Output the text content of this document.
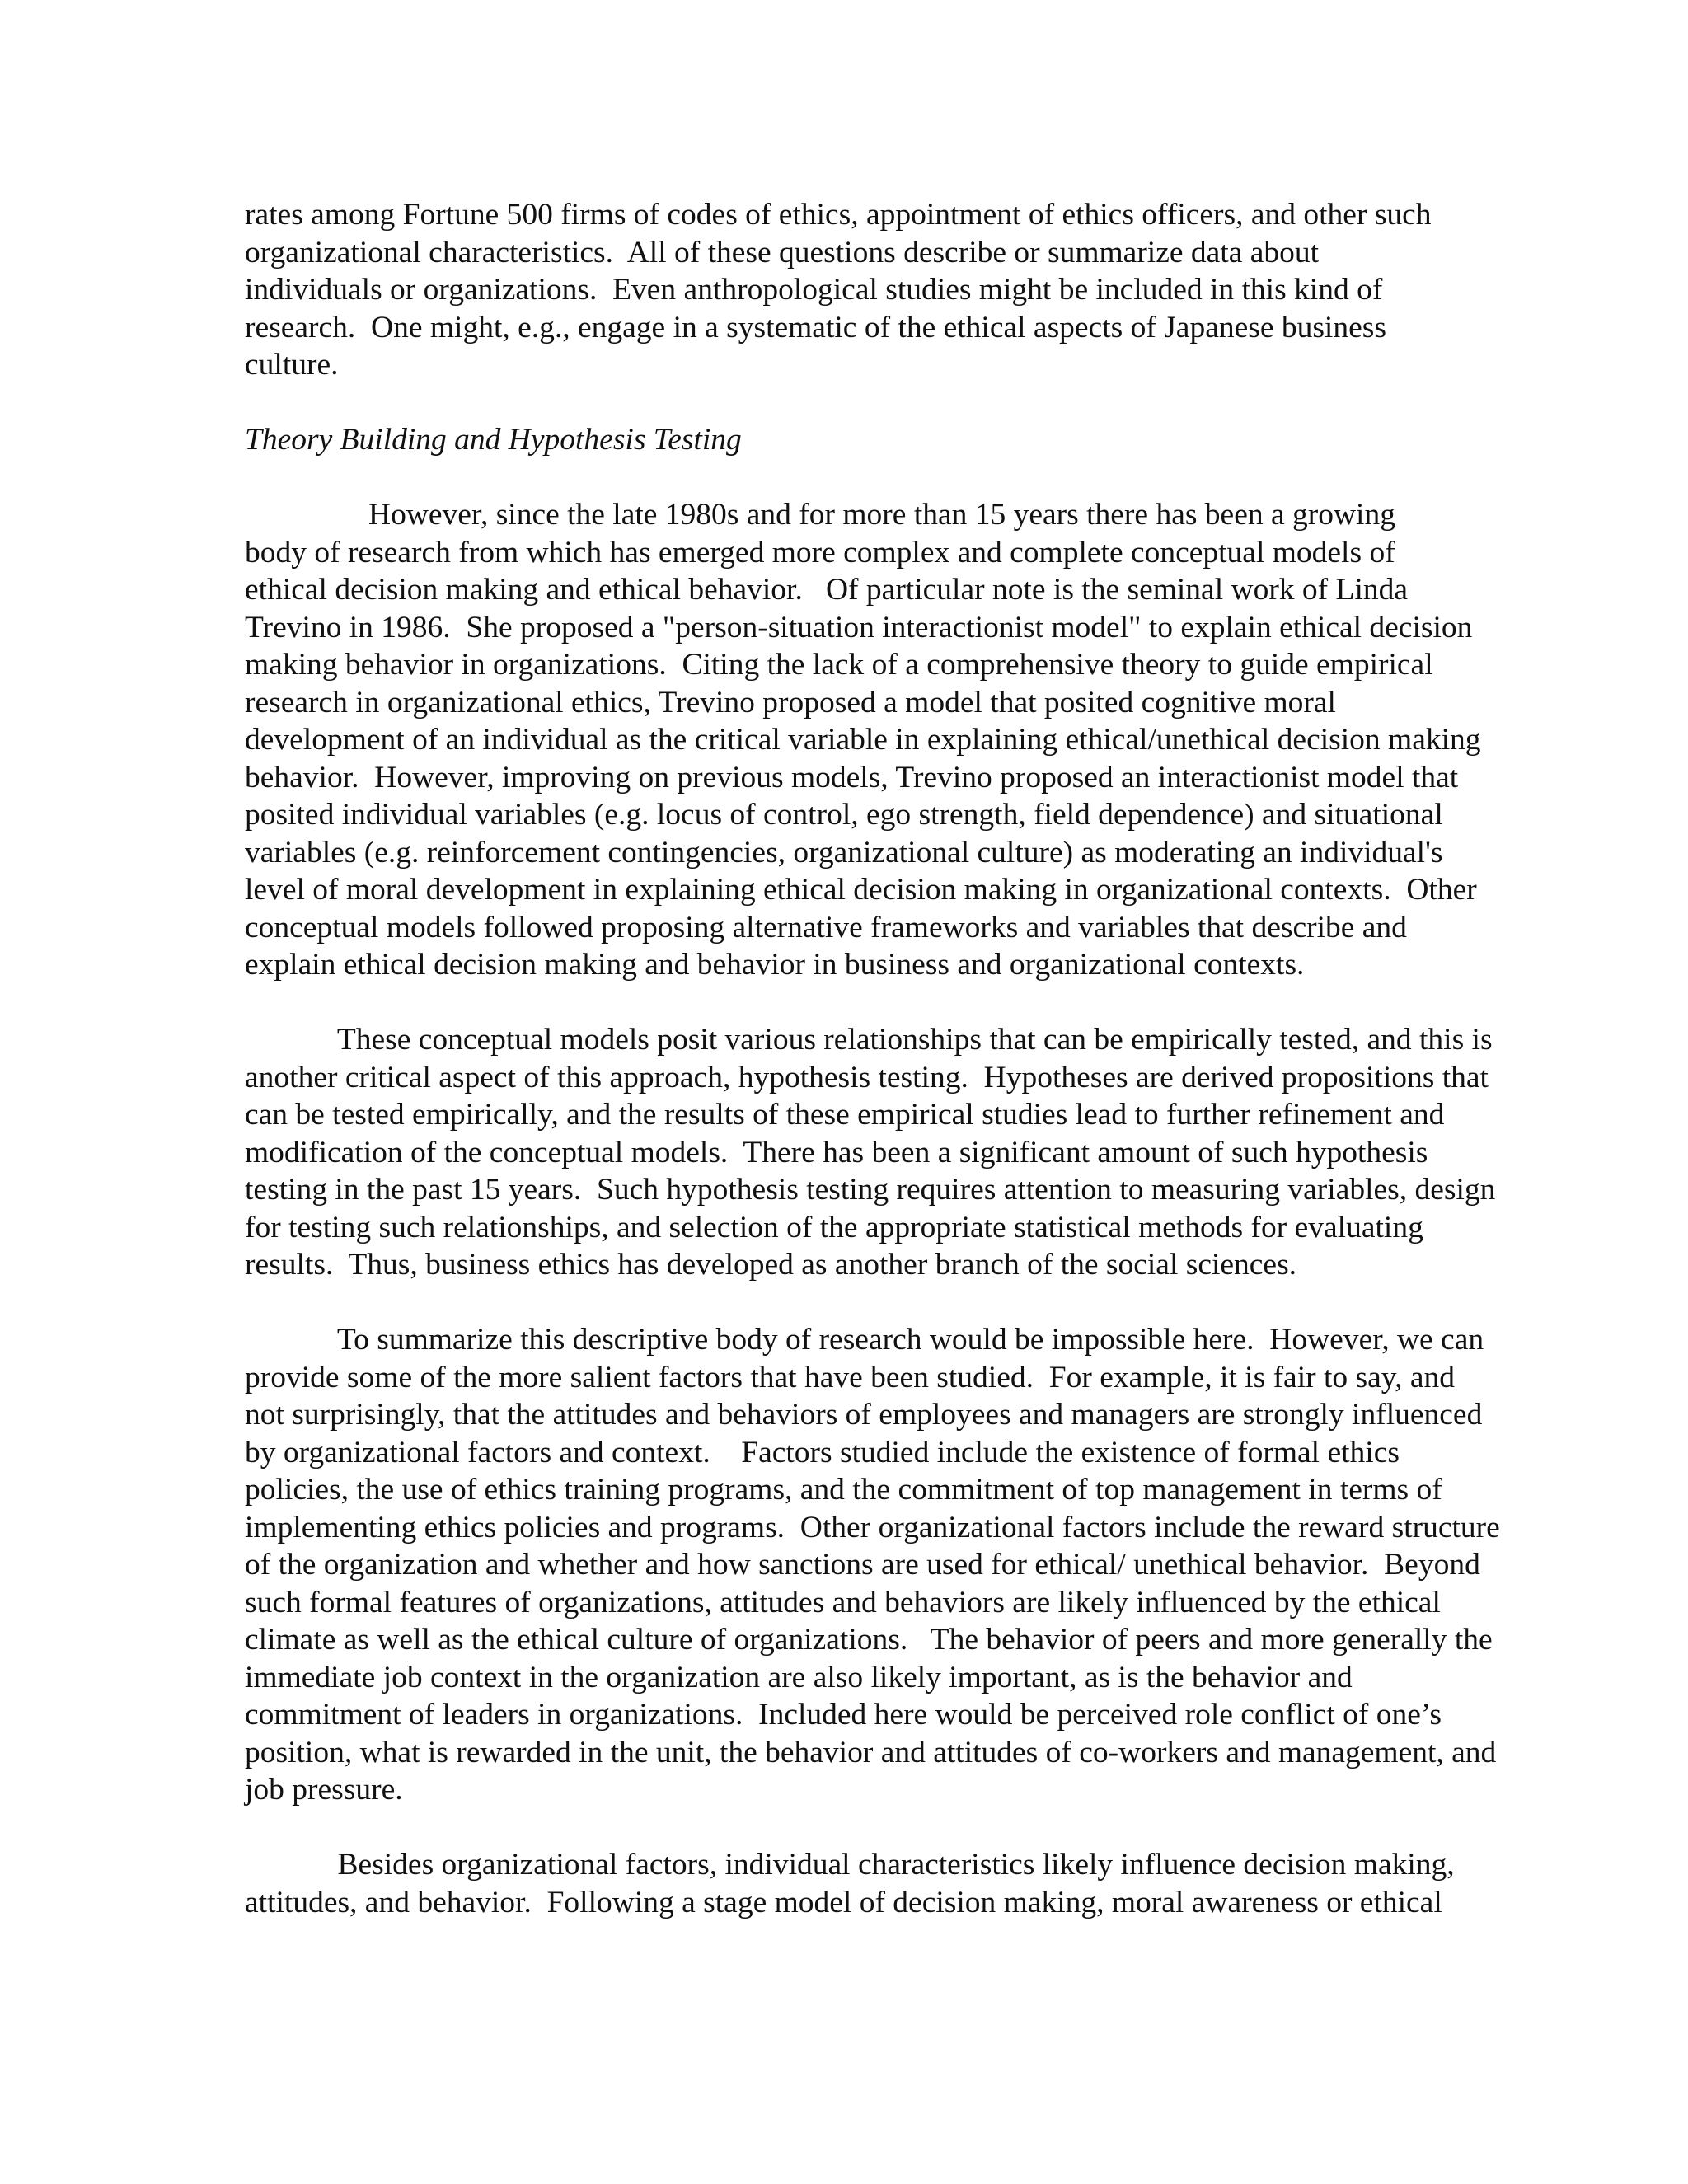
rates among Fortune 500 firms of codes of ethics, appointment of ethics officers, and other such
organizational characteristics.  All of these questions describe or summarize data about
individuals or organizations.  Even anthropological studies might be included in this kind of
research.  One might, e.g., engage in a systematic of the ethical aspects of Japanese business
culture.
Theory Building and Hypothesis Testing
However, since the late 1980s and for more than 15 years there has been a growing
body of research from which has emerged more complex and complete conceptual models of
ethical decision making and ethical behavior.   Of particular note is the seminal work of Linda
Trevino in 1986.  She proposed a "person-situation interactionist model" to explain ethical decision
making behavior in organizations.  Citing the lack of a comprehensive theory to guide empirical
research in organizational ethics, Trevino proposed a model that posited cognitive moral
development of an individual as the critical variable in explaining ethical/unethical decision making
behavior.  However, improving on previous models, Trevino proposed an interactionist model that
posited individual variables (e.g. locus of control, ego strength, field dependence) and situational
variables (e.g. reinforcement contingencies, organizational culture) as moderating an individual's
level of moral development in explaining ethical decision making in organizational contexts.  Other
conceptual models followed proposing alternative frameworks and variables that describe and
explain ethical decision making and behavior in business and organizational contexts.
These conceptual models posit various relationships that can be empirically tested, and this is
another critical aspect of this approach, hypothesis testing.  Hypotheses are derived propositions that
can be tested empirically, and the results of these empirical studies lead to further refinement and
modification of the conceptual models.  There has been a significant amount of such hypothesis
testing in the past 15 years.  Such hypothesis testing requires attention to measuring variables, design
for testing such relationships, and selection of the appropriate statistical methods for evaluating
results.  Thus, business ethics has developed as another branch of the social sciences.
To summarize this descriptive body of research would be impossible here.  However, we can
provide some of the more salient factors that have been studied.  For example, it is fair to say, and
not surprisingly, that the attitudes and behaviors of employees and managers are strongly influenced
by organizational factors and context.    Factors studied include the existence of formal ethics
policies, the use of ethics training programs, and the commitment of top management in terms of
implementing ethics policies and programs.  Other organizational factors include the reward structure
of the organization and whether and how sanctions are used for ethical/ unethical behavior.  Beyond
such formal features of organizations, attitudes and behaviors are likely influenced by the ethical
climate as well as the ethical culture of organizations.   The behavior of peers and more generally the
immediate job context in the organization are also likely important, as is the behavior and
commitment of leaders in organizations.  Included here would be perceived role conflict of one’s
position, what is rewarded in the unit, the behavior and attitudes of co-workers and management, and
job pressure.
Besides organizational factors, individual characteristics likely influence decision making,
attitudes, and behavior.  Following a stage model of decision making, moral awareness or ethical
